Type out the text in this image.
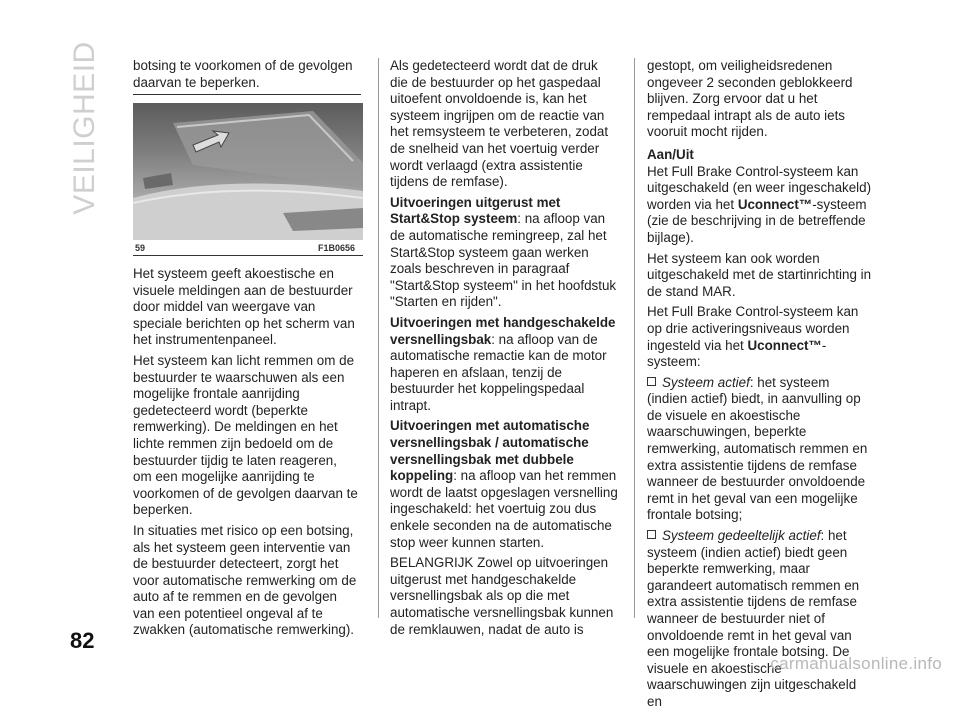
VEILIGHEID
82

botsing te voorkomen of de gevolgen daarvan te beperken.

59	F1B0656

Het systeem geeft akoestische en visuele meldingen aan de bestuurder door middel van weergave van speciale berichten op het scherm van het instrumentenpaneel.

Het systeem kan licht remmen om de bestuurder te waarschuwen als een mogelijke frontale aanrijding gedetecteerd wordt (beperkte remwerking). De meldingen en het lichte remmen zijn bedoeld om de bestuurder tijdig te laten reageren, om een mogelijke aanrijding te voorkomen of de gevolgen daarvan te beperken.

In situaties met risico op een botsing, als het systeem geen interventie van de bestuurder detecteert, zorgt het voor automatische remwerking om de auto af te remmen en de gevolgen van een potentieel ongeval af te zwakken (automatische remwerking).

Als gedetecteerd wordt dat de druk die de bestuurder op het gaspedaal uitoefent onvoldoende is, kan het systeem ingrijpen om de reactie van het remsysteem te verbeteren, zodat de snelheid van het voertuig verder wordt verlaagd (extra assistentie tijdens de remfase).

Uitvoeringen uitgerust met Start&Stop systeem: na afloop van de automatische remingreep, zal het Start&Stop systeem gaan werken zoals beschreven in paragraaf "Start&Stop systeem" in het hoofdstuk "Starten en rijden".

Uitvoeringen met handgeschakelde versnellingsbak: na afloop van de automatische remactie kan de motor haperen en afslaan, tenzij de bestuurder het koppelingspedaal intrapt.

Uitvoeringen met automatische versnellingsbak / automatische versnellingsbak met dubbele koppeling: na afloop van het remmen wordt de laatst opgeslagen versnelling ingeschakeld: het voertuig zou dus enkele seconden na de automatische stop weer kunnen starten.

BELANGRIJK Zowel op uitvoeringen uitgerust met handgeschakelde versnellingsbak als op die met automatische versnellingsbak kunnen de remklauwen, nadat de auto is

gestopt, om veiligheidsredenen ongeveer 2 seconden geblokkeerd blijven. Zorg ervoor dat u het rempedaal intrapt als de auto iets vooruit mocht rijden.

Aan/Uit

Het Full Brake Control-systeem kan uitgeschakeld (en weer ingeschakeld) worden via het Uconnect™-systeem (zie de beschrijving in de betreffende bijlage).

Het systeem kan ook worden uitgeschakeld met de startinrichting in de stand MAR.

Het Full Brake Control-systeem kan op drie activeringsniveaus worden ingesteld via het Uconnect™-systeem:

Systeem actief: het systeem (indien actief) biedt, in aanvulling op de visuele en akoestische waarschuwingen, beperkte remwerking, automatisch remmen en extra assistentie tijdens de remfase wanneer de bestuurder onvoldoende remt in het geval van een mogelijke frontale botsing;

Systeem gedeeltelijk actief: het systeem (indien actief) biedt geen beperkte remwerking, maar garandeert automatisch remmen en extra assistentie tijdens de remfase wanneer de bestuurder niet of onvoldoende remt in het geval van een mogelijke frontale botsing. De visuele en akoestische waarschuwingen zijn uitgeschakeld en

carmanualsonline.info
